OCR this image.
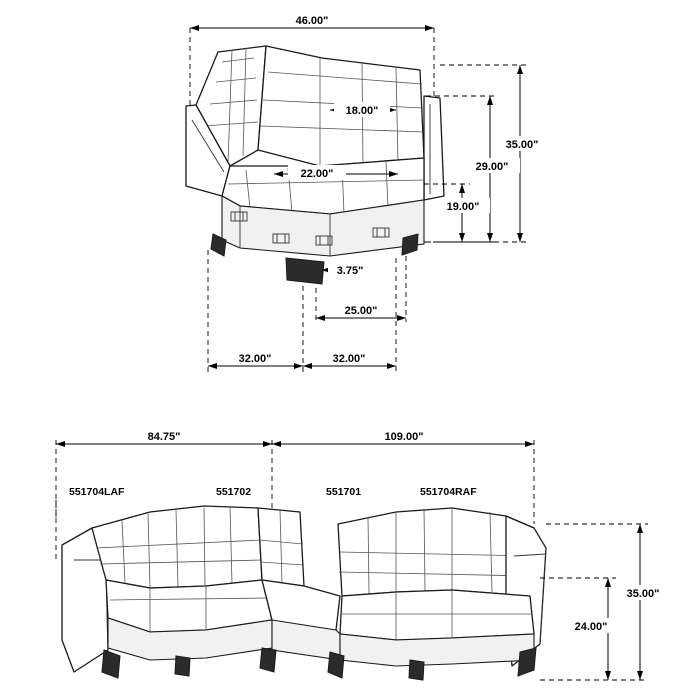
46.00"
18.00"
22.00"
35.00"
29.00"
19.00"
3.75"
25.00"
32.00"	32.00"
84.75"	109.00"
551704LAF	551702	551701	551704RAF
35.00"
24.00"
